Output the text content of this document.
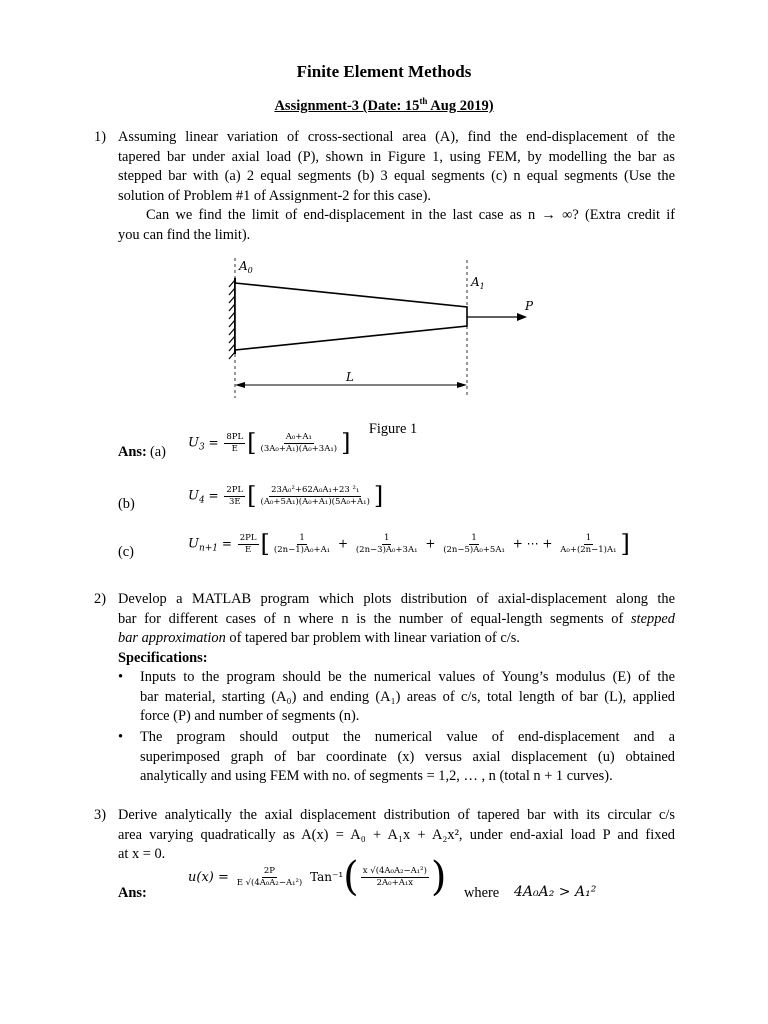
Finite Element Methods
Assignment-3 (Date: 15th Aug 2019)
1) Assuming linear variation of cross-sectional area (A), find the end-displacement of the
tapered bar under axial load (P), shown in Figure 1, using FEM, by modelling the bar as
stepped bar with (a) 2 equal segments (b) 3 equal segments (c) n equal segments (Use the
solution of Problem #1 of Assignment-2 for this case).
Can we find the limit of end-displacement in the last case as n → ∞? (Extra credit if
you can find the limit).
$A_0$
$A_1$
P
L
Figure 1
Ans: (a)
$U_3 = \frac{8PL}{E}$ [ $\frac{\text{A₀+A₁}}{\text{(3A₀+A₁)(A₀+3A₁)}}$ ]
(b)	$U_4 = \frac{2PL}{3E}$ [ $\frac{\text{23A₀²+62A₀A₁+23 ²₁}}{\text{(A₀+5A₁)(A₀+A₁)(5A₀+A₁)}}$ ]
(c)	$U_{n+1} = \frac{2PL}{E}$ [ $\frac{1}{\text{(2n−1)A₀+A₁}} + \frac{1}{\text{(2n−3)A₀+3A₁}} + \frac{1}{\text{(2n−5)A₀+5A₁}}$ + ⋯ + $\frac{1}{\text{A₀+(2n−1)A₁}}$ ]
2) Develop a MATLAB program which plots distribution of axial-displacement along the
bar for different cases of n where n is the number of equal-length segments of stepped
bar approximation of tapered bar problem with linear variation of c/s.
Specifications:
• Inputs to the program should be the numerical values of Young’s modulus (E) of the
bar material, starting (A₀) and ending (A₁) areas of c/s, total length of bar (L), applied
force (P) and number of segments (n).
• The program should output the numerical value of end-displacement and a
superimposed graph of bar coordinate (x) versus axial displacement (u) obtained
analytically and using FEM with no. of segments = 1,2, … , n (total n + 1 curves).
3) Derive analytically the axial displacement distribution of tapered bar with its circular c/s
area varying quadratically as A(x) = A₀ + A₁x + A₂x², under end-axial load P and fixed
at x = 0.
Ans:
$u(x) = \frac{2P}{\text{E √(4A₀A₂−A₁²)}} Tan^{-1}( \frac{\text{x √(4A₀A₂−A₁²)}}{\text{2A₀+A₁x}}$ ) where 4A₀A₂ > A₁²
